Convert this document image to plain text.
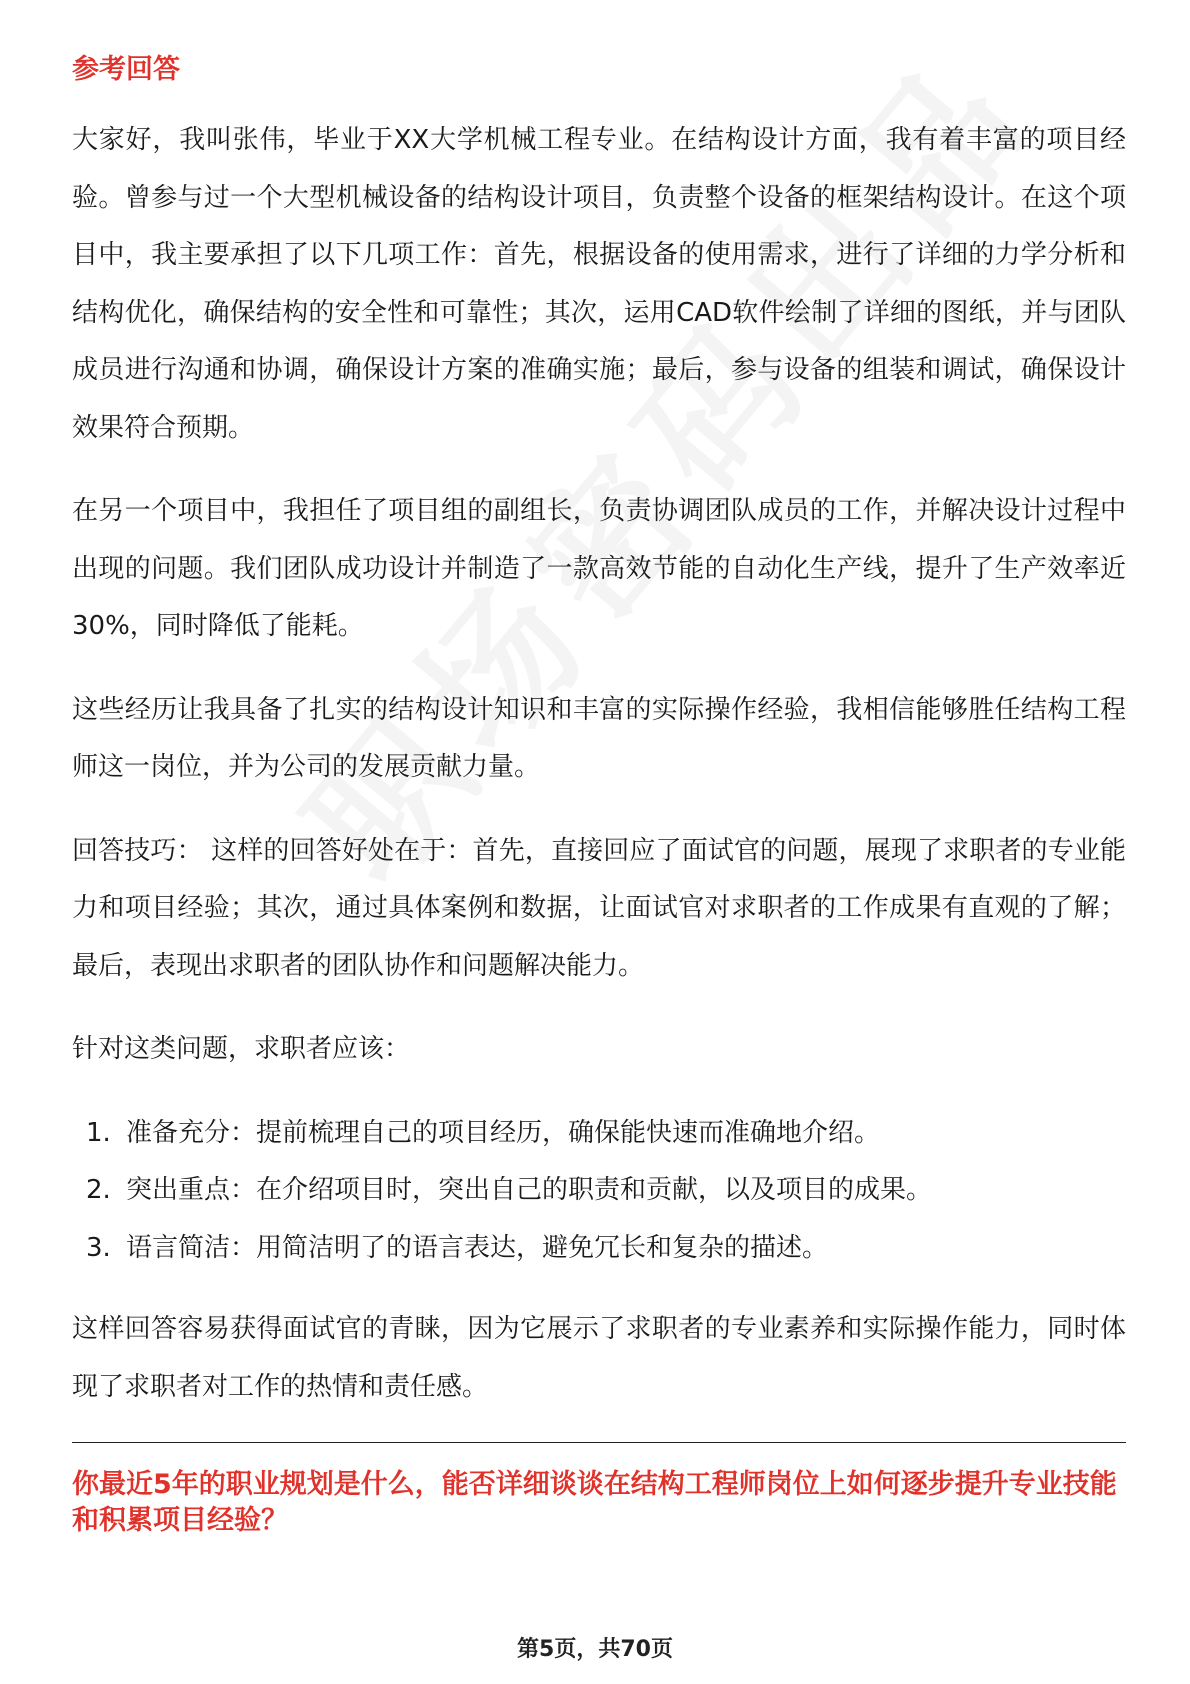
参考回答

大家好，我叫张伟，毕业于XX大学机械工程专业。在结构设计方面，我有着丰富的项目经验。曾参与过一个大型机械设备的结构设计项目，负责整个设备的框架结构设计。在这个项目中，我主要承担了以下几项工作：首先，根据设备的使用需求，进行了详细的力学分析和结构优化，确保结构的安全性和可靠性；其次，运用CAD软件绘制了详细的图纸，并与团队成员进行沟通和协调，确保设计方案的准确实施；最后，参与设备的组装和调试，确保设计效果符合预期。

在另一个项目中，我担任了项目组的副组长，负责协调团队成员的工作，并解决设计过程中出现的问题。我们团队成功设计并制造了一款高效节能的自动化生产线，提升了生产效率近30%，同时降低了能耗。

这些经历让我具备了扎实的结构设计知识和丰富的实际操作经验，我相信能够胜任结构工程师这一岗位，并为公司的发展贡献力量。

回答技巧： 这样的回答好处在于：首先，直接回应了面试官的问题，展现了求职者的专业能力和项目经验；其次，通过具体案例和数据，让面试官对求职者的工作成果有直观的了解；最后，表现出求职者的团队协作和问题解决能力。

针对这类问题，求职者应该：

1. 准备充分：提前梳理自己的项目经历，确保能快速而准确地介绍。
2. 突出重点：在介绍项目时，突出自己的职责和贡献，以及项目的成果。
3. 语言简洁：用简洁明了的语言表达，避免冗长和复杂的描述。

这样回答容易获得面试官的青睐，因为它展示了求职者的专业素养和实际操作能力，同时体现了求职者对工作的热情和责任感。

你最近5年的职业规划是什么，能否详细谈谈在结构工程师岗位上如何逐步提升专业技能和积累项目经验？
第5页，共70页
